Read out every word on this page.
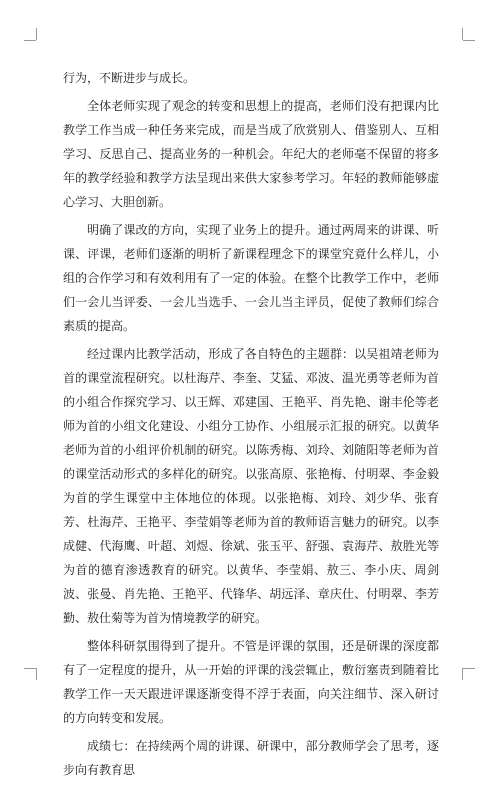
行为，不断进步与成长。

全体老师实现了观念的转变和思想上的提高，老师们没有把课内比教学工作当成一种任务来完成，而是当成了欣赏别人、借鉴别人、互相学习、反思自己、提高业务的一种机会。年纪大的老师毫不保留的将多年的教学经验和教学方法呈现出来供大家参考学习。年轻的教师能够虚心学习、大胆创新。

明确了课改的方向，实现了业务上的提升。通过两周来的讲课、听课、评课，老师们逐渐的明析了新课程理念下的课堂究竟什么样儿，小组的合作学习和有效利用有了一定的体验。在整个比教学工作中，老师们一会儿当评委、一会儿当选手、一会儿当主评员，促使了教师们综合素质的提高。

经过课内比教学活动，形成了各自特色的主题群：以吴祖靖老师为首的课堂流程研究。以杜海芹、李奎、艾猛、邓波、温光勇等老师为首的小组合作探究学习、以王辉、邓建国、王艳平、肖先艳、谢丰伦等老师为首的小组文化建设、小组分工协作、小组展示汇报的研究。以黄华老师为首的小组评价机制的研究。以陈秀梅、刘玲、刘随阳等老师为首的课堂活动形式的多样化的研究。以张高原、张艳梅、付明翠、李金毅为首的学生课堂中主体地位的体现。以张艳梅、刘玲、刘少华、张育芳、杜海芹、王艳平、李莹娟等老师为首的教师语言魅力的研究。以李成健、代海鹰、叶超、刘煜、徐斌、张玉平、舒强、袁海芹、敖胜光等为首的德育渗透教育的研究。以黄华、李莹娟、敖三、李小庆、周剑波、张曼、肖先艳、王艳平、代锋华、胡远泽、章庆仕、付明翠、李芳勤、敖仕菊等为首为情境教学的研究。

整体科研氛围得到了提升。不管是评课的氛围，还是研课的深度都有了一定程度的提升，从一开始的评课的浅尝辄止，敷衍塞责到随着比教学工作一天天跟进评课逐渐变得不浮于表面，向关注细节、深入研讨的方向转变和发展。

成绩七：在持续两个周的讲课、研课中，部分教师学会了思考，逐步向有教育思
